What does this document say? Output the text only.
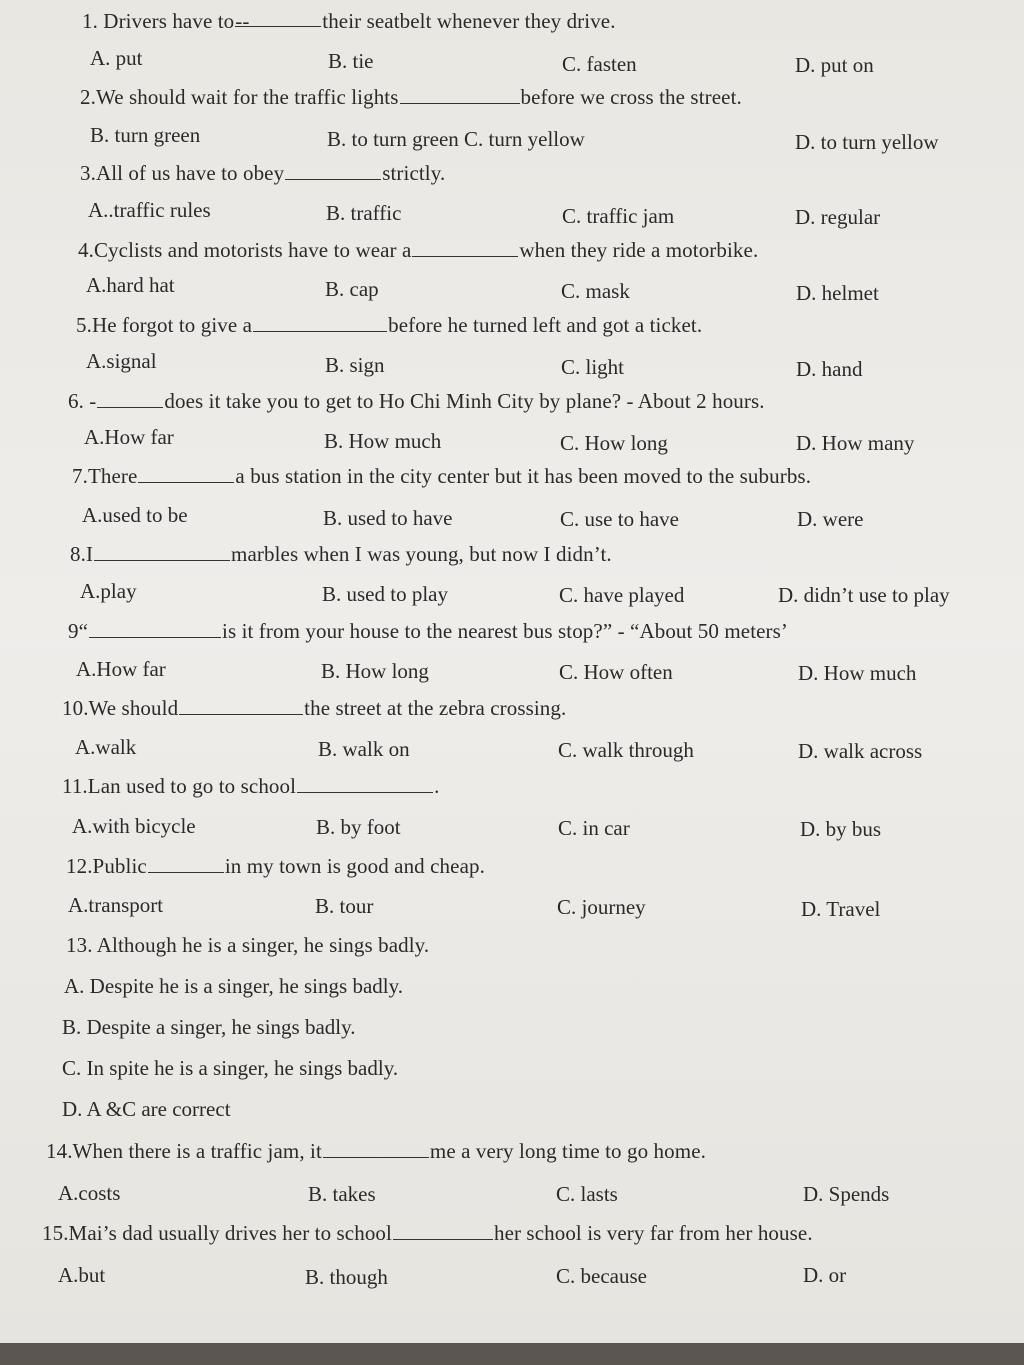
1. Drivers have to--	their seatbelt whenever they drive.
A. put	B. tie	C. fasten	D. put on
2.We should wait for the traffic lights	before we cross the street.
B. turn green	B. to turn green C. turn yellow	D. to turn yellow
3.All of us have to obey	strictly.
A..traffic rules	B. traffic	C. traffic jam	D. regular
4.Cyclists and motorists have to wear a	when they ride a motorbike.
A.hard hat	B. cap	C. mask	D. helmet
5.He forgot to give a	before he turned left and got a ticket.
A.signal	B. sign	C. light	D. hand
6. -	does it take you to get to Ho Chi Minh City by plane? - About 2 hours.
A.How far	B. How much	C. How long	D. How many
7.There	a bus station in the city center but it has been moved to the suburbs.
A.used to be	B. used to have	C. use to have	D. were
8.I	marbles when I was young, but now I didn’t.
A.play	B. used to play	C. have played	D. didn’t use to play
9“	is it from your house to the nearest bus stop?” - “About 50 meters’
A.How far	B. How long	C. How often	D. How much
10.We should	the street at the zebra crossing.
A.walk	B. walk on	C. walk through	D. walk across
11.Lan used to go to school	.
A.with bicycle	B. by foot	C. in car	D. by bus
12.Public	in my town is good and cheap.
A.transport	B. tour	C. journey	D. Travel
13. Although he is a singer, he sings badly.
A. Despite he is a singer, he sings badly.
B. Despite a singer, he sings badly.
C. In spite he is a singer, he sings badly.
D. A &C are correct
14.When there is a traffic jam, it	me a very long time to go home.
A.costs	B. takes	C. lasts	D. Spends
15.Mai’s dad usually drives her to school	her school is very far from her house.
A.but	B. though	C. because	D. or
